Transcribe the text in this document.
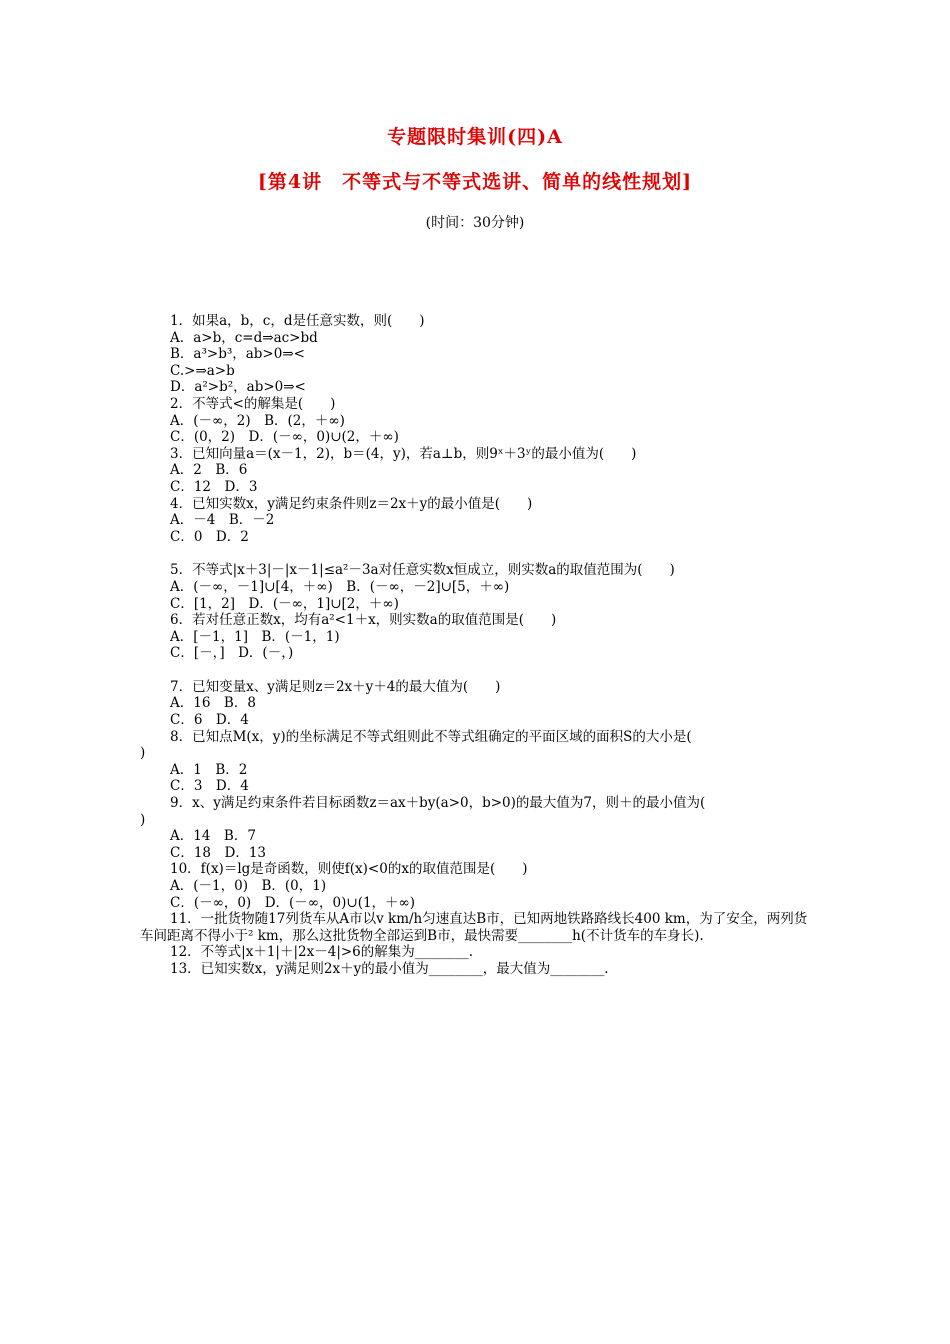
专题限时集训(四)A
[第4讲　不等式与不等式选讲、简单的线性规划]
(时间：30分钟)
1．如果a，b，c，d是任意实数，则(　　)
A．a>b，c=d⇒ac>bd
B．a³>b³，ab>0⇒<
C.>⇒a>b
D．a²>b²，ab>0⇒<
2．不等式<的解集是(　　)
A．(－∞，2)　B．(2，＋∞)
C．(0，2)　D．(－∞，0)∪(2，＋∞)
3．已知向量a＝(x－1，2)，b＝(4，y)，若a⊥b，则9ˣ＋3ʸ的最小值为(　　)
A．2　B．6
C．12　D．3
4．已知实数x，y满足约束条件则z＝2x＋y的最小值是(　　)
A．－4　B．－2
C．0　D．2
5．不等式|x＋3|－|x－1|≤a²－3a对任意实数x恒成立，则实数a的取值范围为(　　)
A．(－∞，－1]∪[4，＋∞)　B．(－∞，－2]∪[5，＋∞)
C．[1，2]　D．(－∞，1]∪[2，＋∞)
6．若对任意正数x，均有a²<1＋x，则实数a的取值范围是(　　)
A．[－1，1]　B．(－1，1)
C．[－，]　D．(－，)
7．已知变量x、y满足则z＝2x＋y＋4的最大值为(　　)
A．16　B．8
C．6　D．4
8．已知点M(x，y)的坐标满足不等式组则此不等式组确定的平面区域的面积S的大小是(
)
A．1　B．2
C．3　D．4
9．x、y满足约束条件若目标函数z＝ax＋by(a>0，b>0)的最大值为7，则＋的最小值为(
)
A．14　B．7
C．18　D．13
10．f(x)＝lg是奇函数，则使f(x)<0的x的取值范围是(　　)
A．(－1，0)　B．(0，1)
C．(－∞，0)　D．(－∞，0)∪(1，＋∞)
11．一批货物随17列货车从A市以v km/h匀速直达B市，已知两地铁路路线长400 km，为了安全，两列货车间距离不得小于² km，那么这批货物全部运到B市，最快需要________h(不计货车的车身长).
12．不等式|x＋1|＋|2x－4|>6的解集为________.
13．已知实数x，y满足则2x＋y的最小值为________，最大值为________.
